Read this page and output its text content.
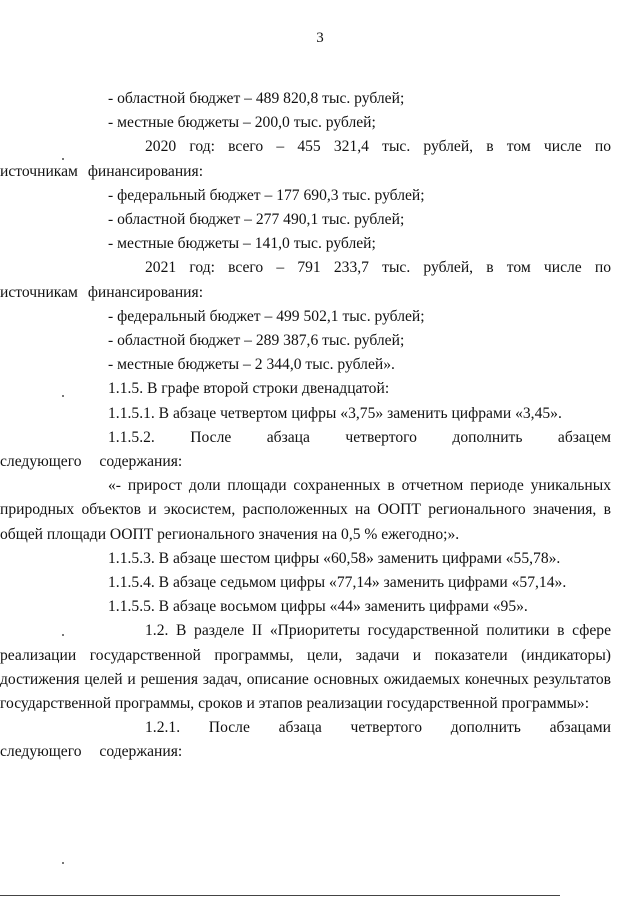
3

- областной бюджет – 489 820,8 тыс. рублей;

- местные бюджеты – 200,0 тыс. рублей;

2020 год: всего – 455 321,4 тыс. рублей, в том числе по источникам финансирования:

- федеральный бюджет – 177 690,3 тыс. рублей;

- областной бюджет – 277 490,1 тыс. рублей;

- местные бюджеты – 141,0 тыс. рублей;

2021 год: всего – 791 233,7 тыс. рублей, в том числе по источникам финансирования:

- федеральный бюджет – 499 502,1 тыс. рублей;

- областной бюджет – 289 387,6 тыс. рублей;

- местные бюджеты – 2 344,0 тыс. рублей».

1.1.5. В графе второй строки двенадцатой:

1.1.5.1. В абзаце четвертом цифры «3,75» заменить цифрами «3,45».

1.1.5.2. После абзаца четвертого дополнить абзацем следующего содержания:

«- прирост доли площади сохраненных в отчетном периоде уникальных природных объектов и экосистем, расположенных на ООПТ регионального значения, в общей площади ООПТ регионального значения на 0,5 % ежегодно;».

1.1.5.3. В абзаце шестом цифры «60,58» заменить цифрами «55,78».

1.1.5.4. В абзаце седьмом цифры «77,14» заменить цифрами «57,14».

1.1.5.5. В абзаце восьмом цифры «44» заменить цифрами «95».

1.2. В разделе II «Приоритеты государственной политики в сфере реализации государственной программы, цели, задачи и показатели (индикаторы) достижения целей и решения задач, описание основных ожидаемых конечных результатов государственной программы, сроков и этапов реализации государственной программы»:

1.2.1. После абзаца четвертого дополнить абзацами следующего содержания:
